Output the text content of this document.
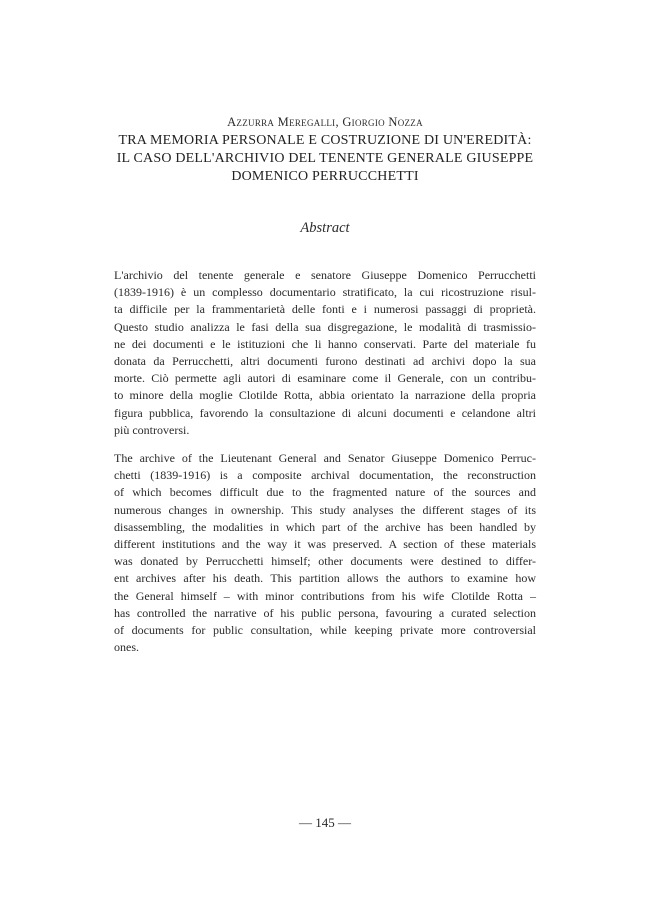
Azzurra Meregalli, Giorgio Nozza
TRA MEMORIA PERSONALE E COSTRUZIONE DI UN'EREDITÀ:
IL CASO DELL'ARCHIVIO DEL TENENTE GENERALE GIUSEPPE
DOMENICO PERRUCCHETTI
Abstract
L'archivio del tenente generale e senatore Giuseppe Domenico Perrucchetti
(1839-1916) è un complesso documentario stratificato, la cui ricostruzione risul-
ta difficile per la frammentarietà delle fonti e i numerosi passaggi di proprietà.
Questo studio analizza le fasi della sua disgregazione, le modalità di trasmissio-
ne dei documenti e le istituzioni che li hanno conservati. Parte del materiale fu
donata da Perrucchetti, altri documenti furono destinati ad archivi dopo la sua
morte. Ciò permette agli autori di esaminare come il Generale, con un contribu-
to minore della moglie Clotilde Rotta, abbia orientato la narrazione della propria
figura pubblica, favorendo la consultazione di alcuni documenti e celandone altri
più controversi.
The archive of the Lieutenant General and Senator Giuseppe Domenico Perruc-
chetti (1839-1916) is a composite archival documentation, the reconstruction
of which becomes difficult due to the fragmented nature of the sources and
numerous changes in ownership. This study analyses the different stages of its
disassembling, the modalities in which part of the archive has been handled by
different institutions and the way it was preserved. A section of these materials
was donated by Perrucchetti himself; other documents were destined to differ-
ent archives after his death. This partition allows the authors to examine how
the General himself – with minor contributions from his wife Clotilde Rotta –
has controlled the narrative of his public persona, favouring a curated selection
of documents for public consultation, while keeping private more controversial
ones.
— 145 —
